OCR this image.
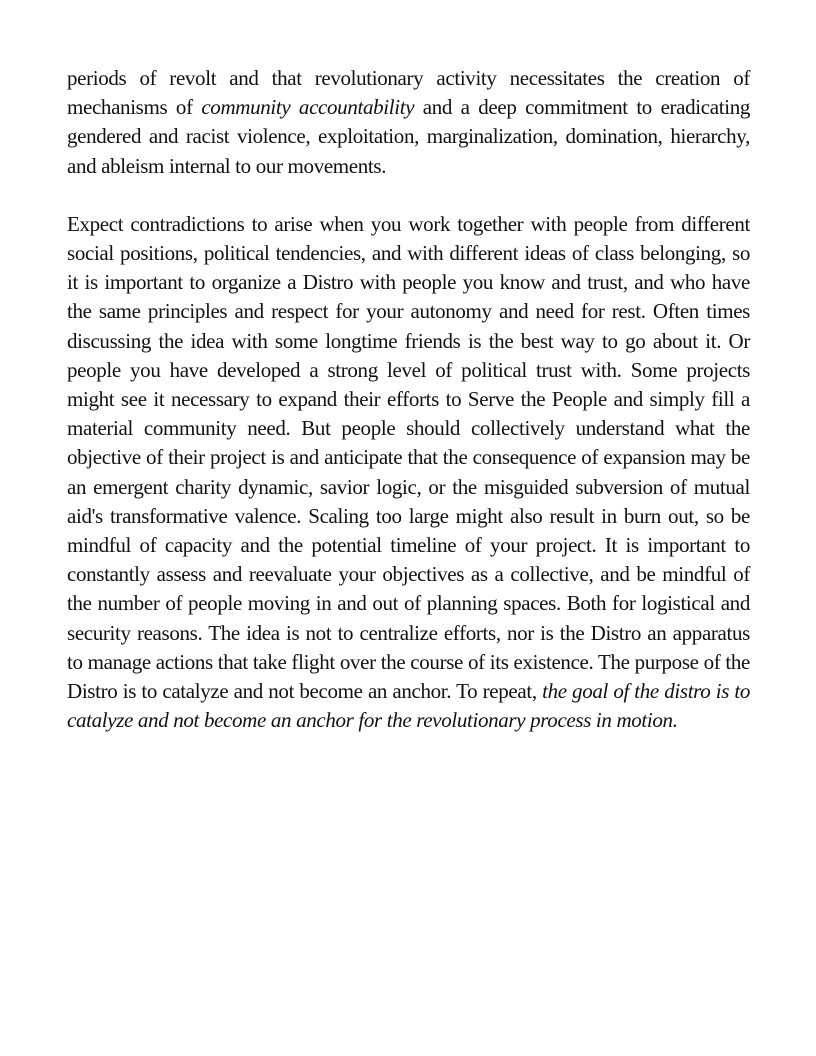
periods of revolt and that revolutionary activity necessitates the creation of mechanisms of community accountability and a deep commitment to eradicating gendered and racist violence, exploitation, marginalization, domination, hierarchy, and ableism internal to our movements.

Expect contradictions to arise when you work together with people from different social positions, political tendencies, and with different ideas of class belonging, so it is important to organize a Distro with people you know and trust, and who have the same principles and respect for your autonomy and need for rest. Often times discussing the idea with some longtime friends is the best way to go about it. Or people you have developed a strong level of political trust with. Some projects might see it necessary to expand their efforts to Serve the People and simply fill a material community need. But people should collectively understand what the objective of their project is and anticipate that the consequence of expansion may be an emergent charity dynamic, savior logic, or the misguided subversion of mutual aid's transformative valence. Scaling too large might also result in burn out, so be mindful of capacity and the potential timeline of your project. It is important to constantly assess and reevaluate your objectives as a collective, and be mindful of the number of people moving in and out of planning spaces. Both for logistical and security reasons. The idea is not to centralize efforts, nor is the Distro an apparatus to manage actions that take flight over the course of its existence. The purpose of the Distro is to catalyze and not become an anchor. To repeat, the goal of the distro is to catalyze and not become an anchor for the revolutionary process in motion.
